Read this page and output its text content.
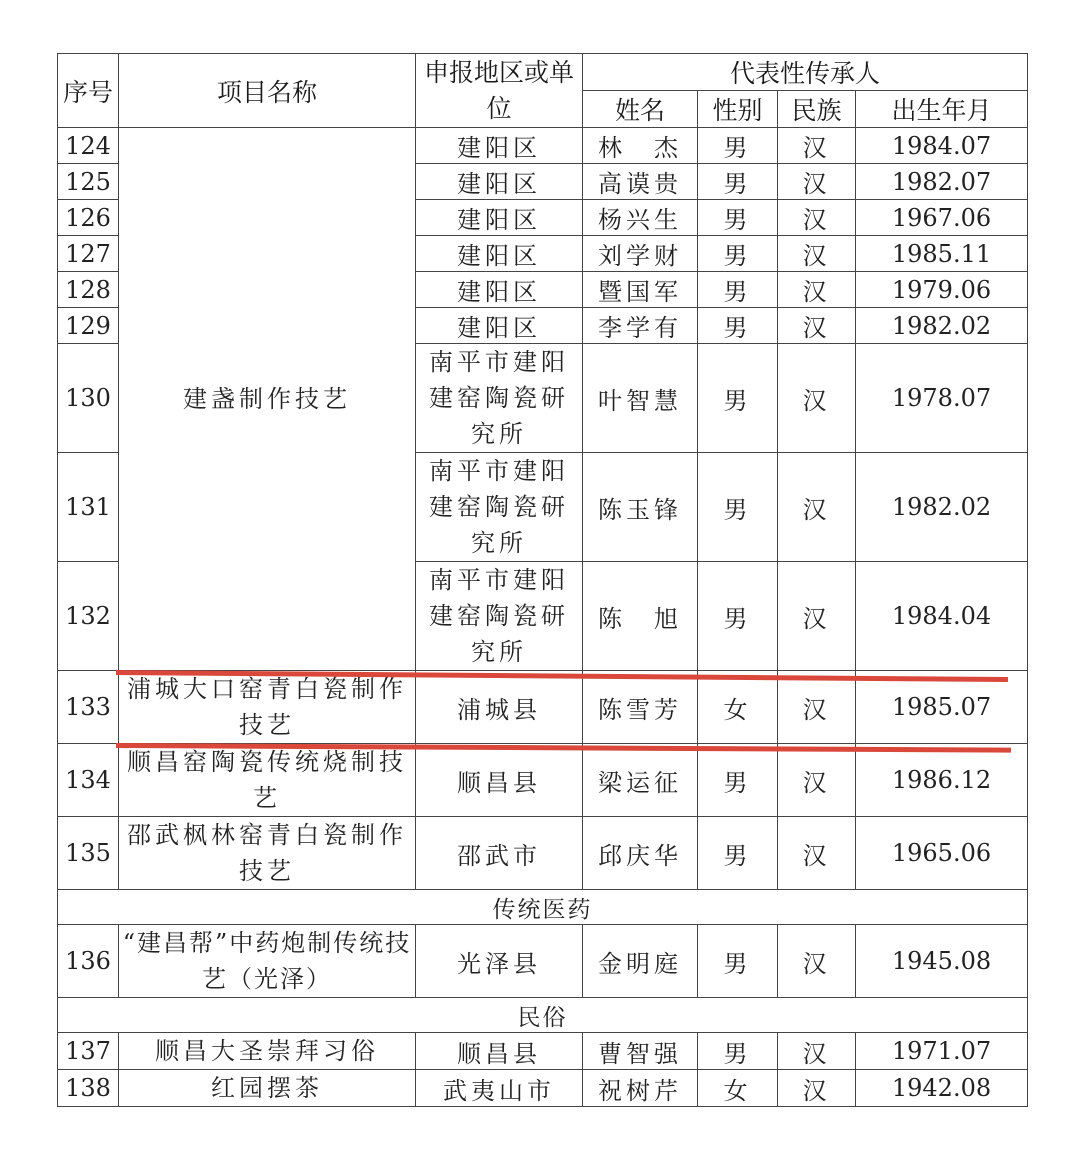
序号	项目名称	申报地区或单位	代表性传承人			
			姓名	性别	民族	出生年月
124	建盏制作技艺	建阳区	林　杰	男	汉	1984.07
125		建阳区	高谟贵	男	汉	1982.07
126		建阳区	杨兴生	男	汉	1967.06
127		建阳区	刘学财	男	汉	1985.11
128		建阳区	暨国军	男	汉	1979.06
129		建阳区	李学有	男	汉	1982.02
130		南平市建阳建窑陶瓷研究所	叶智慧	男	汉	1978.07
131		南平市建阳建窑陶瓷研究所	陈玉锋	男	汉	1982.02
132		南平市建阳建窑陶瓷研究所	陈　旭	男	汉	1984.04
133	浦城大口窑青白瓷制作技艺	浦城县	陈雪芳	女	汉	1985.07
134	顺昌窑陶瓷传统烧制技艺	顺昌县	梁运征	男	汉	1986.12
135	邵武枫林窑青白瓷制作技艺	邵武市	邱庆华	男	汉	1965.06
传统医药						
136	“建昌帮”中药炮制传统技艺（光泽）	光泽县	金明庭	男	汉	1945.08
民俗						
137	顺昌大圣崇拜习俗	顺昌县	曹智强	男	汉	1971.07
138	红园摆茶	武夷山市	祝树芹	女	汉	1942.08
